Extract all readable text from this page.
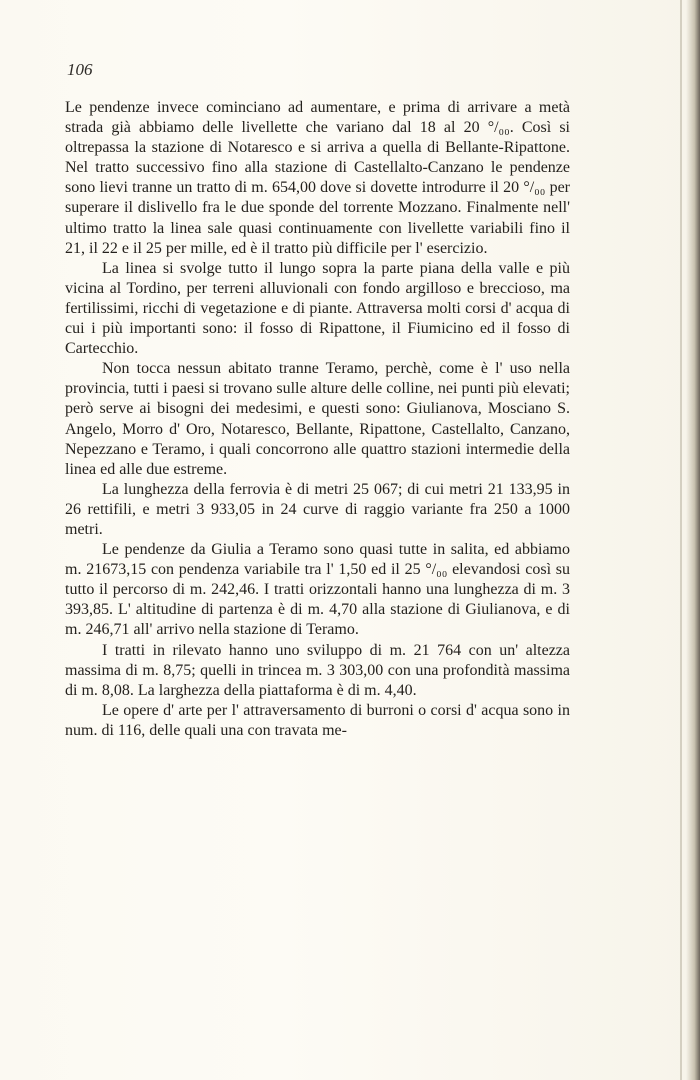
106

Le pendenze invece cominciano ad aumentare, e prima di arrivare a metà strada già abbiamo delle livellette che variano dal 18 al 20 °/₀₀. Così si oltrepassa la stazione di Notaresco e si arriva a quella di Bellante-Ripattone. Nel tratto successivo fino alla stazione di Castellalto-Canzano le pendenze sono lievi tranne un tratto di m. 654,00 dove si dovette introdurre il 20 °/₀₀ per superare il dislivello fra le due sponde del torrente Mozzano. Finalmente nell' ultimo tratto la linea sale quasi continuamente con livellette variabili fino il 21, il 22 e il 25 per mille, ed è il tratto più difficile per l' esercizio.

La linea si svolge tutto il lungo sopra la parte piana della valle e più vicina al Tordino, per terreni alluvionali con fondo argilloso e breccioso, ma fertilissimi, ricchi di vegetazione e di piante. Attraversa molti corsi d' acqua di cui i più importanti sono: il fosso di Ripattone, il Fiumicino ed il fosso di Cartecchio.

Non tocca nessun abitato tranne Teramo, perchè, come è l' uso nella provincia, tutti i paesi si trovano sulle alture delle colline, nei punti più elevati; però serve ai bisogni dei medesimi, e questi sono: Giulianova, Mosciano S. Angelo, Morro d' Oro, Notaresco, Bellante, Ripattone, Castellalto, Canzano, Nepezzano e Teramo, i quali concorrono alle quattro stazioni intermedie della linea ed alle due estreme.

La lunghezza della ferrovia è di metri 25 067; di cui metri 21 133,95 in 26 rettifili, e metri 3 933,05 in 24 curve di raggio variante fra 250 a 1000 metri.

Le pendenze da Giulia a Teramo sono quasi tutte in salita, ed abbiamo m. 21673,15 con pendenza variabile tra l' 1,50 ed il 25 °/₀₀ elevandosi così su tutto il percorso di m. 242,46. I tratti orizzontali hanno una lunghezza di m. 3 393,85. L' altitudine di partenza è di m. 4,70 alla stazione di Giulianova, e di m. 246,71 all' arrivo nella stazione di Teramo.

I tratti in rilevato hanno uno sviluppo di m. 21 764 con un' altezza massima di m. 8,75; quelli in trincea m. 3 303,00 con una profondità massima di m. 8,08. La larghezza della piattaforma è di m. 4,40.

Le opere d' arte per l' attraversamento di burroni o corsi d' acqua sono in num. di 116, delle quali una con travata me-
